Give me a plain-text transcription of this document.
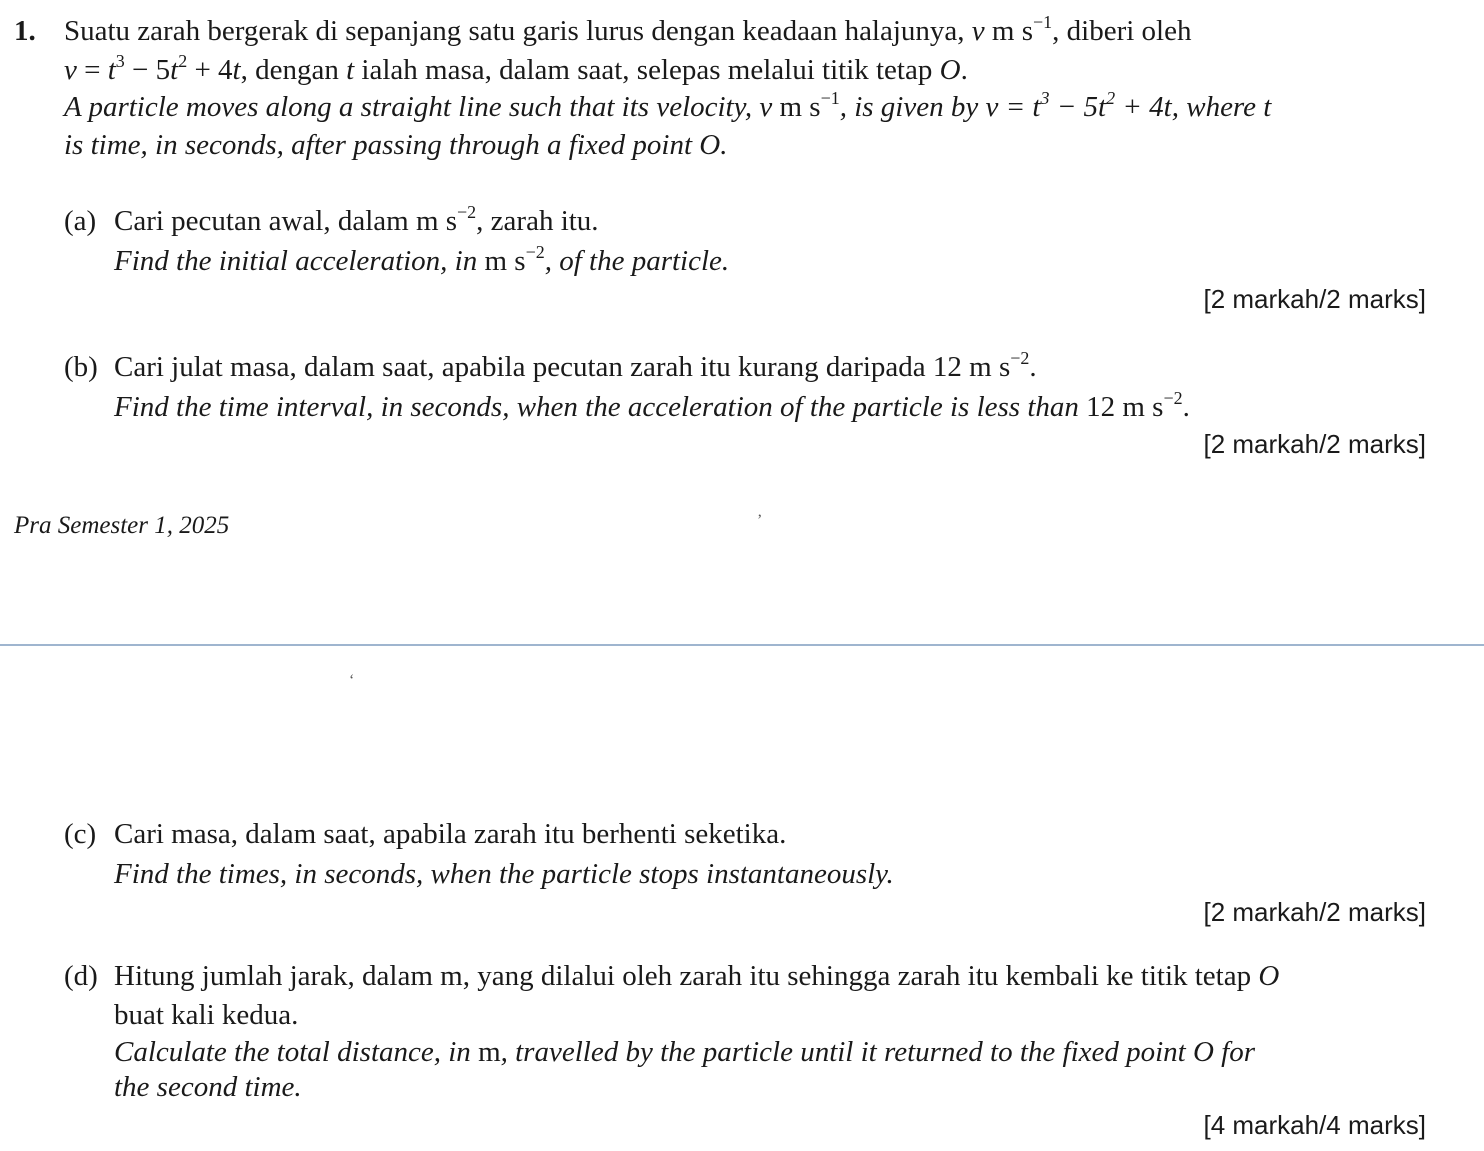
1. Suatu zarah bergerak di sepanjang satu garis lurus dengan keadaan halajunya, v m $s^{-1}$, diberi oleh
$v = t^3 - 5t^2 + 4t$, dengan t ialah masa, dalam saat, selepas melalui titik tetap O.
A particle moves along a straight line such that its velocity, v m $s^{-1}$, is given by $v = t^3 - 5t^2 + 4t$, where t
is time, in seconds, after passing through a fixed point O.
(a) Cari pecutan awal, dalam m $s^{-2}$, zarah itu.
Find the initial acceleration, in m $s^{-2}$, of the particle.
[2 markah/2 marks]
(b) Cari julat masa, dalam saat, apabila pecutan zarah itu kurang daripada 12 m $s^{-2}$.
Find the time interval, in seconds, when the acceleration of the particle is less than 12 m $s^{-2}$.
[2 markah/2 marks]
Pra Semester 1, 2025	’
‘
(c) Cari masa, dalam saat, apabila zarah itu berhenti seketika.
Find the times, in seconds, when the particle stops instantaneously.
[2 markah/2 marks]
(d) Hitung jumlah jarak, dalam m, yang dilalui oleh zarah itu sehingga zarah itu kembali ke titik tetap O
buat kali kedua.
Calculate the total distance, in m, travelled by the particle until it returned to the fixed point O for
the second time.
[4 markah/4 marks]
